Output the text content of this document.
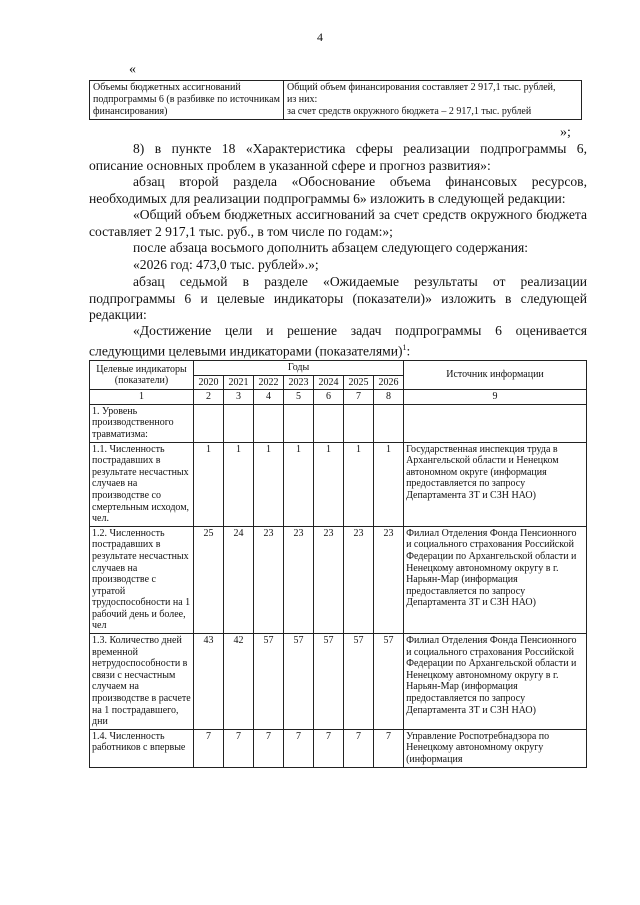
4
«
Объемы бюджетных ассигнований подпрограммы 6 (в разбивке по источникам финансирования)	
Общий объем финансирования составляет 2 917,1 тыс. рублей,
из них:
за счет средств окружного бюджета – 2 917,1 тыс. рублей
»;

8) в пункте 18 «Характеристика сферы реализации подпрограммы 6, описание основных проблем в указанной сфере и прогноз развития»:

абзац второй раздела «Обоснование объема финансовых ресурсов, необходимых для реализации подпрограммы 6» изложить в следующей редакции:

«Общий объем бюджетных ассигнований за счет средств окружного бюджета составляет 2 917,1 тыс. руб., в том числе по годам:»;

после абзаца восьмого дополнить абзацем следующего содержания:

«2026 год: 473,0 тыс. рублей».»;

абзац седьмой в разделе «Ожидаемые результаты от реализации подпрограммы 6 и целевые индикаторы (показатели)» изложить в следующей редакции:

«Достижение цели и решение задач подпрограммы 6 оценивается следующими целевыми индикаторами (показателями)$^1$:

Целевые индикаторы (показатели)	Годы							Источник информации
	2020	2021	2022	2023	2024	2025	2026	
1	2	3	4	5	6	7	8	9
1. Уровень производственного травматизма:								
1.1. Численность пострадавших в результате несчастных случаев на производстве со смертельным исходом, чел.	1	1	1	1	1	1	1	Государственная инспекция труда в Архангельской области и Ненецком автономном округе (информация предоставляется по запросу Департамента ЗТ и СЗН НАО)
1.2. Численность пострадавших в результате несчастных случаев на производстве с утратой трудоспособности на 1 рабочий день и более, чел	25	24	23	23	23	23	23	Филиал Отделения Фонда Пенсионного и социального страхования Российской Федерации по Архангельской области и Ненецкому автономному округу в г. Нарьян-Мар (информация предоставляется по запросу Департамента ЗТ и СЗН НАО)
1.3. Количество дней временной нетрудоспособности в связи с несчастным случаем на производстве в расчете на 1 пострадавшего, дни	43	42	57	57	57	57	57	Филиал Отделения Фонда Пенсионного и социального страхования Российской Федерации по Архангельской области и Ненецкому автономному округу в г. Нарьян-Мар (информация предоставляется по запросу Департамента ЗТ и СЗН НАО)
1.4. Численность работников с впервые	7	7	7	7	7	7	7	Управление Роспотребнадзора по Ненецкому автономному округу (информация
